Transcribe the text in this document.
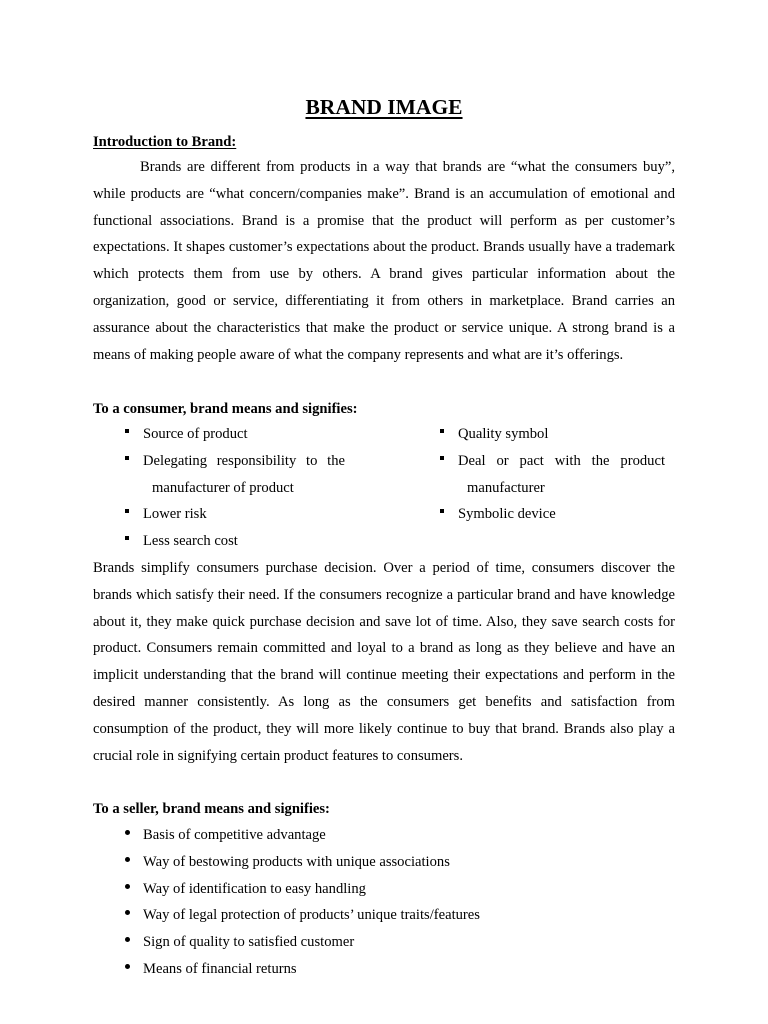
BRAND IMAGE
Introduction to Brand:
Brands are different from products in a way that brands are “what the consumers buy”, while products are “what concern/companies make”. Brand is an accumulation of emotional and functional associations. Brand is a promise that the product will perform as per customer’s expectations. It shapes customer’s expectations about the product. Brands usually have a trademark which protects them from use by others. A brand gives particular information about the organization, good or service, differentiating it from others in marketplace. Brand carries an assurance about the characteristics that make the product or service unique. A strong brand is a means of making people aware of what the company represents and what are it’s offerings.
To a consumer, brand means and signifies:
Source of product
Delegating responsibility to the
manufacturer of product
Lower risk
Less search cost
Quality symbol
Deal or pact with the product
manufacturer
Symbolic device
Brands simplify consumers purchase decision. Over a period of time, consumers discover the brands which satisfy their need. If the consumers recognize a particular brand and have knowledge about it, they make quick purchase decision and save lot of time. Also, they save search costs for product. Consumers remain committed and loyal to a brand as long as they believe and have an implicit understanding that the brand will continue meeting their expectations and perform in the desired manner consistently. As long as the consumers get benefits and satisfaction from consumption of the product, they will more likely continue to buy that brand. Brands also play a crucial role in signifying certain product features to consumers.
To a seller, brand means and signifies:
Basis of competitive advantage
Way of bestowing products with unique associations
Way of identification to easy handling
Way of legal protection of products’ unique traits/features
Sign of quality to satisfied customer
Means of financial returns
